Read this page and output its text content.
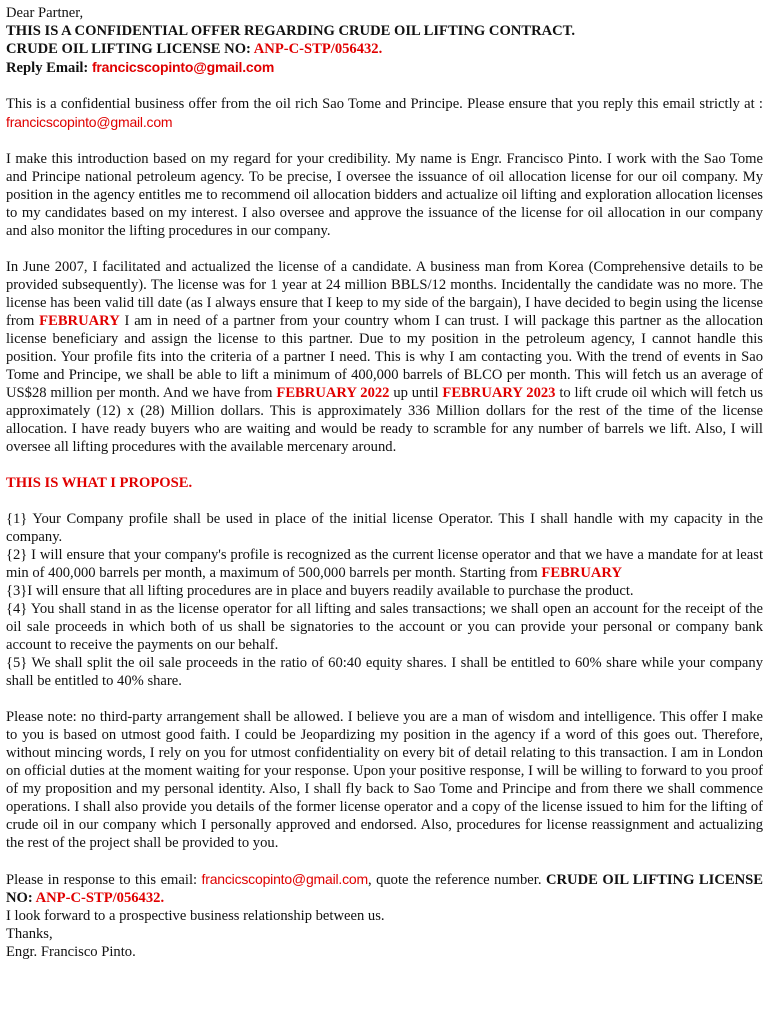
Dear Partner,

THIS IS A CONFIDENTIAL OFFER REGARDING CRUDE OIL LIFTING CONTRACT.

CRUDE OIL LIFTING LICENSE NO: ANP-C-STP/056432.

Reply Email: francicscopinto@gmail.com

This is a confidential business offer from the oil rich Sao Tome and Principe. Please ensure that you reply this email strictly at : francicscopinto@gmail.com

I make this introduction based on my regard for your credibility. My name is Engr. Francisco Pinto. I work with the Sao Tome and Principe national petroleum agency. To be precise, I oversee the issuance of oil allocation license for our oil company. My position in the agency entitles me to recommend oil allocation bidders and actualize oil lifting and exploration allocation licenses to my candidates based on my interest. I also oversee and approve the issuance of the license for oil allocation in our company and also monitor the lifting procedures in our company.

In June 2007, I facilitated and actualized the license of a candidate. A business man from Korea (Comprehensive details to be provided subsequently). The license was for 1 year at 24 million BBLS/12 months. Incidentally the candidate was no more. The license has been valid till date (as I always ensure that I keep to my side of the bargain), I have decided to begin using the license from FEBRUARY I am in need of a partner from your country whom I can trust. I will package this partner as the allocation license beneficiary and assign the license to this partner. Due to my position in the petroleum agency, I cannot handle this position. Your profile fits into the criteria of a partner I need. This is why I am contacting you. With the trend of events in Sao Tome and Principe, we shall be able to lift a minimum of 400,000 barrels of BLCO per month. This will fetch us an average of US$28 million per month. And we have from FEBRUARY 2022 up until FEBRUARY 2023 to lift crude oil which will fetch us approximately (12) x (28) Million dollars. This is approximately 336 Million dollars for the rest of the time of the license allocation. I have ready buyers who are waiting and would be ready to scramble for any number of barrels we lift. Also, I will oversee all lifting procedures with the available mercenary around.

THIS IS WHAT I PROPOSE.

{1} Your Company profile shall be used in place of the initial license Operator. This I shall handle with my capacity in the company.

{2} I will ensure that your company's profile is recognized as the current license operator and that we have a mandate for at least min of 400,000 barrels per month, a maximum of 500,000 barrels per month. Starting from FEBRUARY

{3}I will ensure that all lifting procedures are in place and buyers readily available to purchase the product.

{4} You shall stand in as the license operator for all lifting and sales transactions; we shall open an account for the receipt of the oil sale proceeds in which both of us shall be signatories to the account or you can provide your personal or company bank account to receive the payments on our behalf.

{5} We shall split the oil sale proceeds in the ratio of 60:40 equity shares. I shall be entitled to 60% share while your company shall be entitled to 40% share.

Please note: no third-party arrangement shall be allowed. I believe you are a man of wisdom and intelligence. This offer I make to you is based on utmost good faith. I could be Jeopardizing my position in the agency if a word of this goes out. Therefore, without mincing words, I rely on you for utmost confidentiality on every bit of detail relating to this transaction. I am in London on official duties at the moment waiting for your response. Upon your positive response, I will be willing to forward to you proof of my proposition and my personal identity. Also, I shall fly back to Sao Tome and Principe and from there we shall commence operations. I shall also provide you details of the former license operator and a copy of the license issued to him for the lifting of crude oil in our company which I personally approved and endorsed. Also, procedures for license reassignment and actualizing the rest of the project shall be provided to you.

Please in response to this email: francicscopinto@gmail.com, quote the reference number. CRUDE OIL LIFTING LICENSE NO: ANP-C-STP/056432.

I look forward to a prospective business relationship between us.

Thanks,

Engr. Francisco Pinto.
